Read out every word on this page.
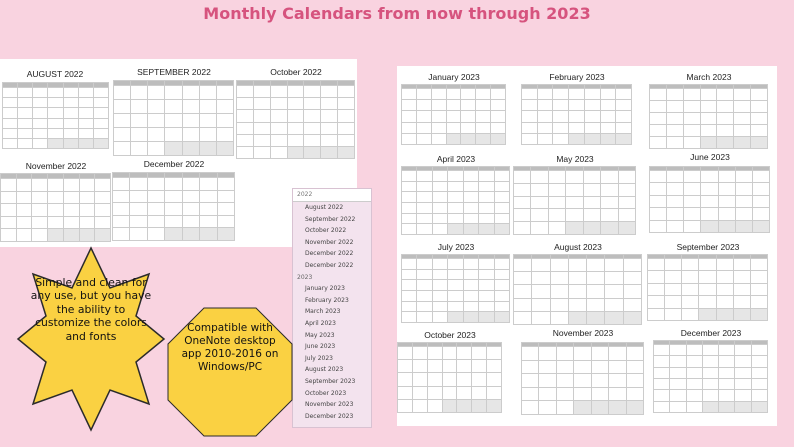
Monthly Calendars from now through 2023
AUGUST 2022	SEPTEMBER 2022	October 2022
November 2022	December 2022
January 2023	February 2023	March 2023
April 2023	May 2023	June 2023
July 2023	August 2023	September 2023
October 2023	November 2023	December 2023
2022
August 2022
September 2022
October 2022
November 2022
December 2022
December 2022
2023
January 2023
February 2023
March 2023
April 2023
May 2023
June 2023
July 2023
August 2023
September 2023
October 2023
November 2023
December 2023
Simple and clean for any use, but you have the ability to customize the colors and fonts
Compatible with OneNote desktop app 2010-2016 on Windows/PC
